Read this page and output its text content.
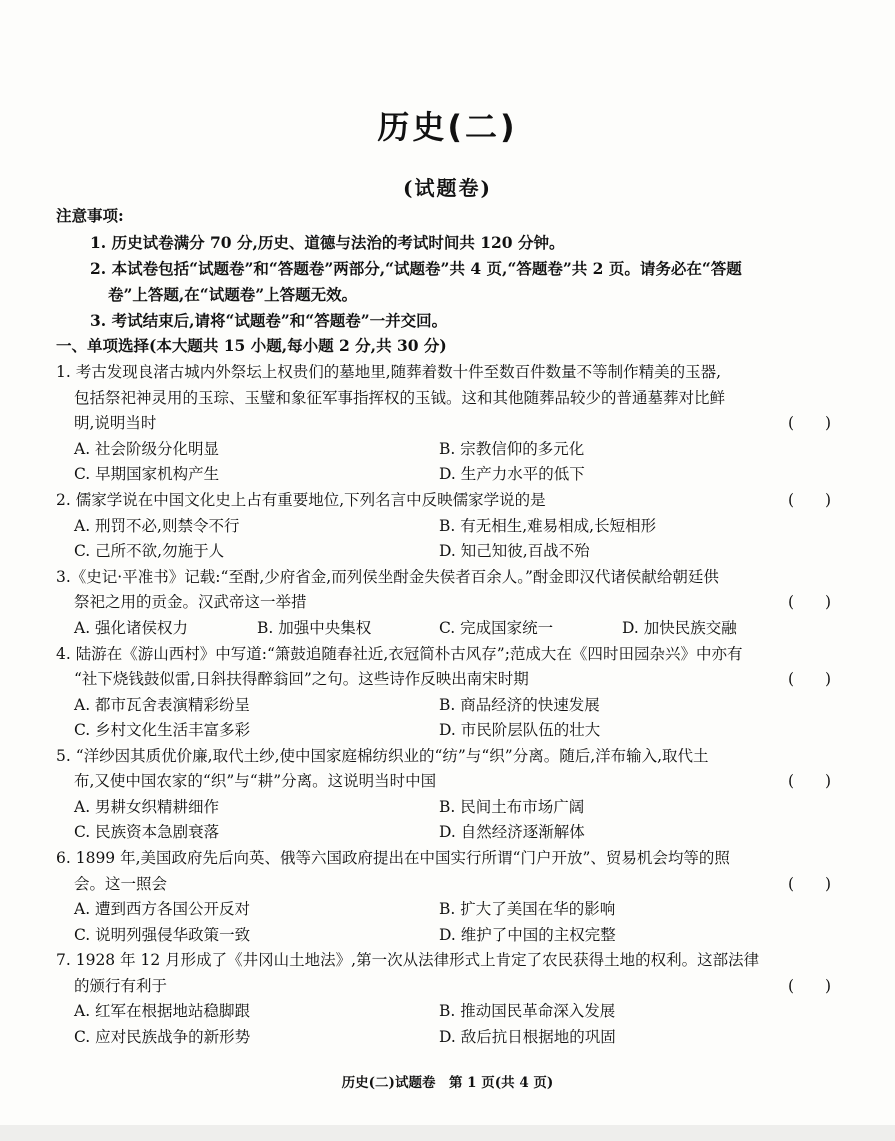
历史(二)
(试题卷)
注意事项:
1. 历史试卷满分 70 分,历史、道德与法治的考试时间共 120 分钟。
2. 本试卷包括“试题卷”和“答题卷”两部分,“试题卷”共 4 页,“答题卷”共 2 页。请务必在“答题
卷”上答题,在“试题卷”上答题无效。
3. 考试结束后,请将“试题卷”和“答题卷”一并交回。
一、单项选择(本大题共 15 小题,每小题 2 分,共 30 分)
1. 考古发现良渚古城内外祭坛上权贵们的墓地里,随葬着数十件至数百件数量不等制作精美的玉器,
包括祭祀神灵用的玉琮、玉璧和象征军事指挥权的玉钺。这和其他随葬品较少的普通墓葬对比鲜
明,说明当时	(　　)
A. 社会阶级分化明显	B. 宗教信仰的多元化
C. 早期国家机构产生	D. 生产力水平的低下
2. 儒家学说在中国文化史上占有重要地位,下列名言中反映儒家学说的是	(　　)
A. 刑罚不必,则禁令不行	B. 有无相生,难易相成,长短相形
C. 己所不欲,勿施于人	D. 知己知彼,百战不殆
3.《史记·平准书》记载:“至酎,少府省金,而列侯坐酎金失侯者百余人。”酎金即汉代诸侯献给朝廷供
祭祀之用的贡金。汉武帝这一举措	(　　)
A. 强化诸侯权力	B. 加强中央集权	C. 完成国家统一	D. 加快民族交融
4. 陆游在《游山西村》中写道:“箫鼓追随春社近,衣冠简朴古风存”;范成大在《四时田园杂兴》中亦有
“社下烧钱鼓似雷,日斜扶得醉翁回”之句。这些诗作反映出南宋时期	(　　)
A. 都市瓦舍表演精彩纷呈	B. 商品经济的快速发展
C. 乡村文化生活丰富多彩	D. 市民阶层队伍的壮大
5. “洋纱因其质优价廉,取代土纱,使中国家庭棉纺织业的“纺”与“织”分离。随后,洋布输入,取代土
布,又使中国农家的“织”与“耕”分离。这说明当时中国	(　　)
A. 男耕女织精耕细作	B. 民间土布市场广阔
C. 民族资本急剧衰落	D. 自然经济逐渐解体
6. 1899 年,美国政府先后向英、俄等六国政府提出在中国实行所谓“门户开放”、贸易机会均等的照
会。这一照会	(　　)
A. 遭到西方各国公开反对	B. 扩大了美国在华的影响
C. 说明列强侵华政策一致	D. 维护了中国的主权完整
7. 1928 年 12 月形成了《井冈山土地法》,第一次从法律形式上肯定了农民获得土地的权利。这部法律
的颁行有利于	(　　)
A. 红军在根据地站稳脚跟	B. 推动国民革命深入发展
C. 应对民族战争的新形势	D. 敌后抗日根据地的巩固
历史(二)试题卷　第 1 页(共 4 页)
